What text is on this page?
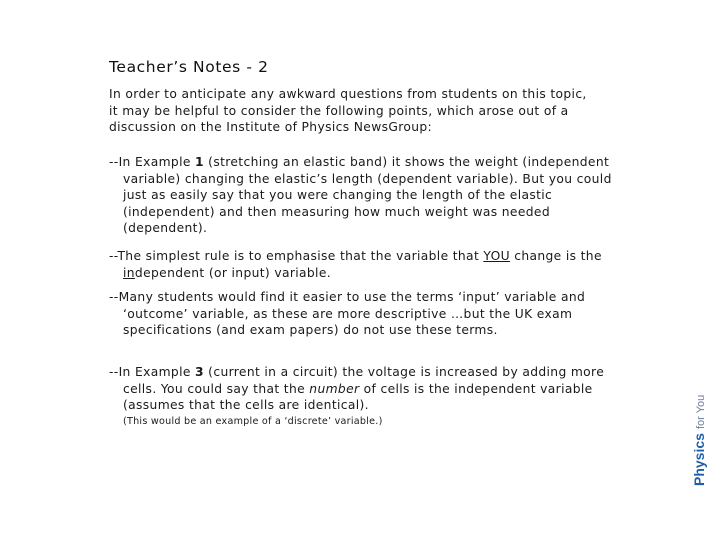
Teacher’s Notes - 2
In order to anticipate any awkward questions from students on this topic, it may be helpful to consider the following points, which arose out of a discussion on the Institute of Physics NewsGroup:
--In Example 1 (stretching an elastic band) it shows the weight (independent variable) changing the elastic’s length (dependent variable). But you could just as easily say that you were changing the length of the elastic (independent) and then measuring how much weight was needed (dependent).
--The simplest rule is to emphasise that the variable that YOU change is the independent (or input) variable.
--Many students would find it easier to use the terms ‘input’ variable and ‘outcome’ variable, as these are more descriptive …but the UK exam specifications (and exam papers) do not use these terms.
--In Example 3 (current in a circuit) the voltage is increased by adding more cells. You could say that the number of cells is the independent variable (assumes that the cells are identical).
(This would be an example of a ‘discrete’ variable.)
Physics
for You
